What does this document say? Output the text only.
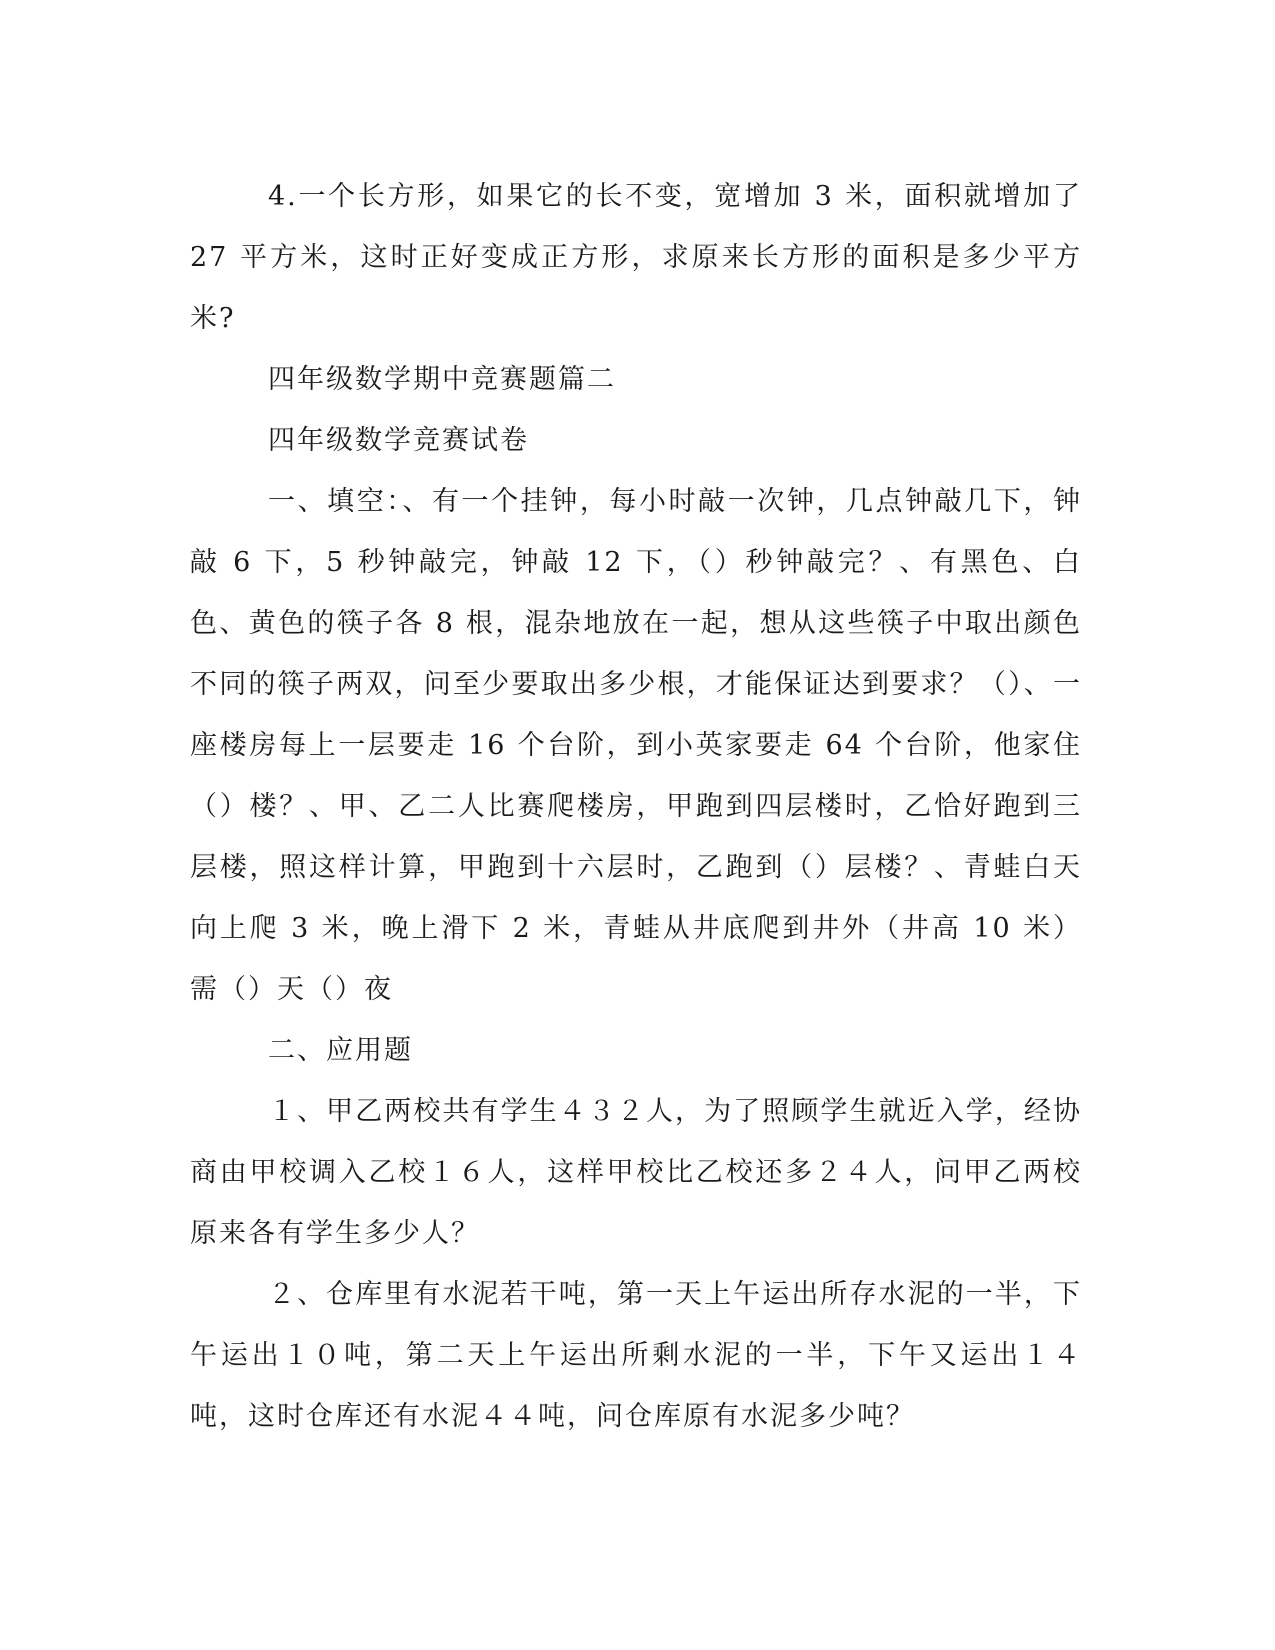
4.一个长方形，如果它的长不变，宽增加 3 米，面积就增加了 27 平方米，这时正好变成正方形，求原来长方形的面积是多少平方米?

四年级数学期中竞赛题篇二

四年级数学竞赛试卷

一、填空：、有一个挂钟，每小时敲一次钟，几点钟敲几下，钟敲 6 下，5 秒钟敲完，钟敲 12 下，（）秒钟敲完？、有黑色、白色、黄色的筷子各 8 根，混杂地放在一起，想从这些筷子中取出颜色不同的筷子两双，问至少要取出多少根，才能保证达到要求？（）、一座楼房每上一层要走 16 个台阶，到小英家要走 64 个台阶，他家住（）楼？、甲、乙二人比赛爬楼房，甲跑到四层楼时，乙恰好跑到三层楼，照这样计算，甲跑到十六层时，乙跑到（）层楼？、青蛙白天向上爬 3 米，晚上滑下 2 米，青蛙从井底爬到井外（井高 10 米）需（）天（）夜

二、应用题

１、甲乙两校共有学生４３２人，为了照顾学生就近入学，经协商由甲校调入乙校１６人，这样甲校比乙校还多２４人，问甲乙两校原来各有学生多少人？

２、仓库里有水泥若干吨，第一天上午运出所存水泥的一半，下午运出１０吨，第二天上午运出所剩水泥的一半，下午又运出１４吨，这时仓库还有水泥４４吨，问仓库原有水泥多少吨？
